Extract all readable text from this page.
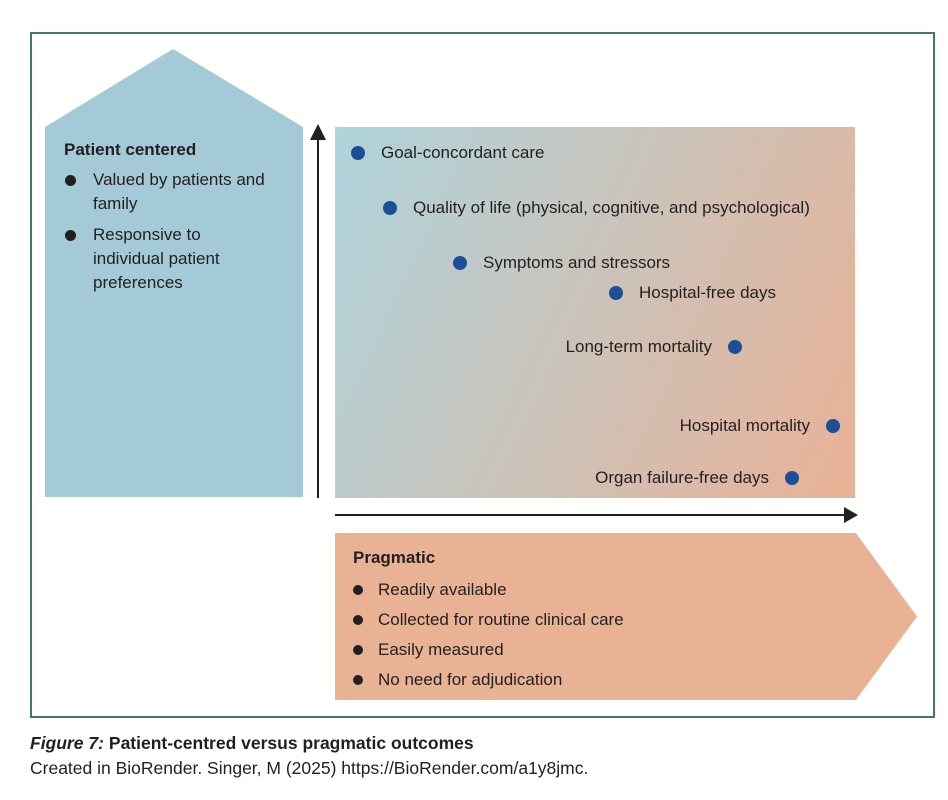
Patient centered
Valued by patients and family
Responsive to individual patient preferences
Goal-concordant care
Quality of life (physical, cognitive, and psychological)
Symptoms and stressors
Hospital-free days
Long-term mortality
Hospital mortality
Organ failure-free days
Pragmatic
Readily available
Collected for routine clinical care
Easily measured
No need for adjudication
Figure 7: Patient-centred versus pragmatic outcomes
Created in BioRender. Singer, M (2025) https://BioRender.com/a1y8jmc.
